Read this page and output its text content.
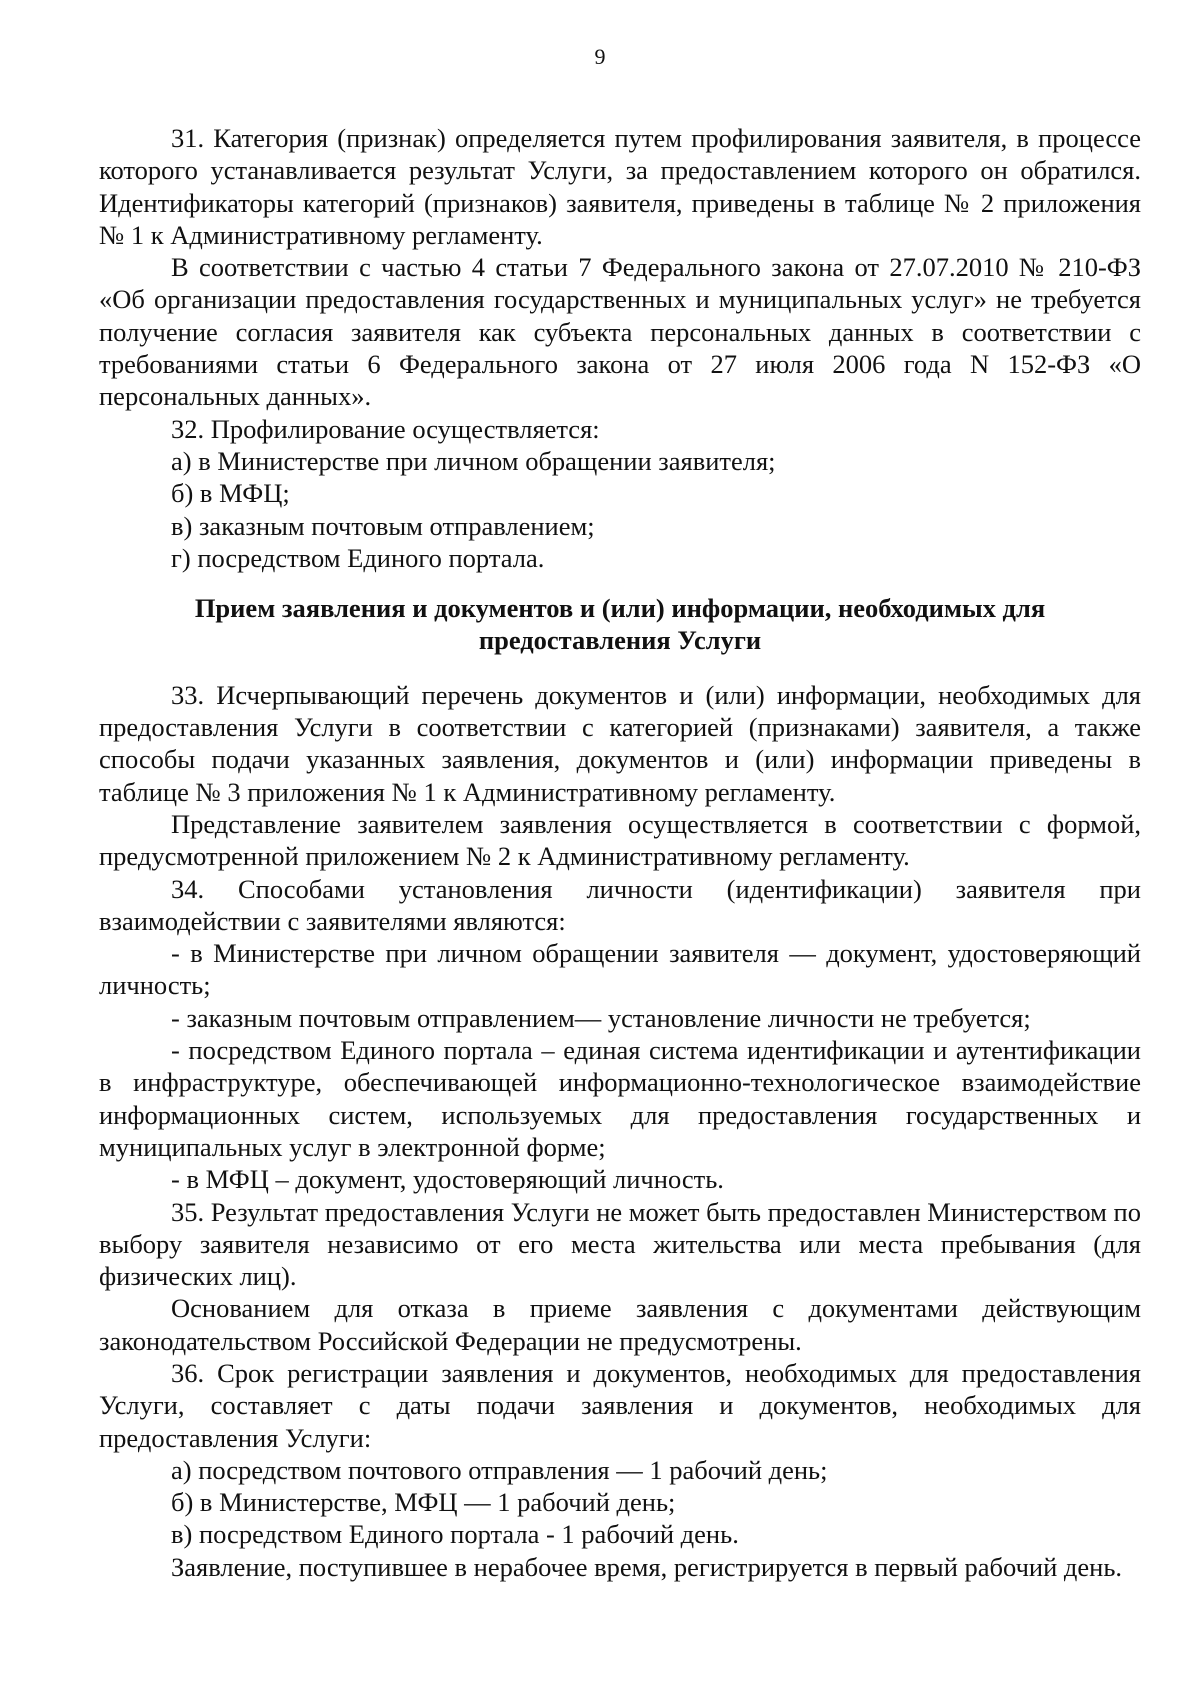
9

31. Категория (признак) определяется путем профилирования заявителя, в процессе которого устанавливается результат Услуги, за предоставлением которого он обратился. Идентификаторы категорий (признаков) заявителя, приведены в таблице № 2 приложения № 1 к Административному регламенту.

В соответствии с частью 4 статьи 7 Федерального закона от 27.07.2010 № 210-ФЗ «Об организации предоставления государственных и муниципальных услуг» не требуется получение согласия заявителя как субъекта персональных данных в соответствии с требованиями статьи 6 Федерального закона от 27 июля 2006 года N 152-ФЗ «О персональных данных».

32. Профилирование осуществляется:

а) в Министерстве при личном обращении заявителя;

б) в МФЦ;

в) заказным почтовым отправлением;

г) посредством Единого портала.

Прием заявления и документов и (или) информации, необходимых для
предоставления Услуги

33. Исчерпывающий перечень документов и (или) информации, необходимых для предоставления Услуги в соответствии с категорией (признаками) заявителя, а также способы подачи указанных заявления, документов и (или) информации приведены в таблице № 3 приложения № 1 к Административному регламенту.

Представление заявителем заявления осуществляется в соответствии с формой, предусмотренной приложением № 2 к Административному регламенту.

34. Способами установления личности (идентификации) заявителя при взаимодействии с заявителями являются:

- в Министерстве при личном обращении заявителя — документ, удостоверяющий личность;

- заказным почтовым отправлением— установление личности не требуется;

- посредством Единого портала – единая система идентификации и аутентификации в инфраструктуре, обеспечивающей информационно-технологическое взаимодействие информационных систем, используемых для предоставления государственных и муниципальных услуг в электронной форме;

- в МФЦ – документ, удостоверяющий личность.

35. Результат предоставления Услуги не может быть предоставлен Министерством по выбору заявителя независимо от его места жительства или места пребывания (для физических лиц).

Основанием для отказа в приеме заявления с документами действующим законодательством Российской Федерации не предусмотрены.

36. Срок регистрации заявления и документов, необходимых для предоставления Услуги, составляет с даты подачи заявления и документов, необходимых для предоставления Услуги:

а) посредством почтового отправления — 1 рабочий день;

б) в Министерстве, МФЦ — 1 рабочий день;

в) посредством Единого портала - 1 рабочий день.

Заявление, поступившее в нерабочее время, регистрируется в первый рабочий день.
